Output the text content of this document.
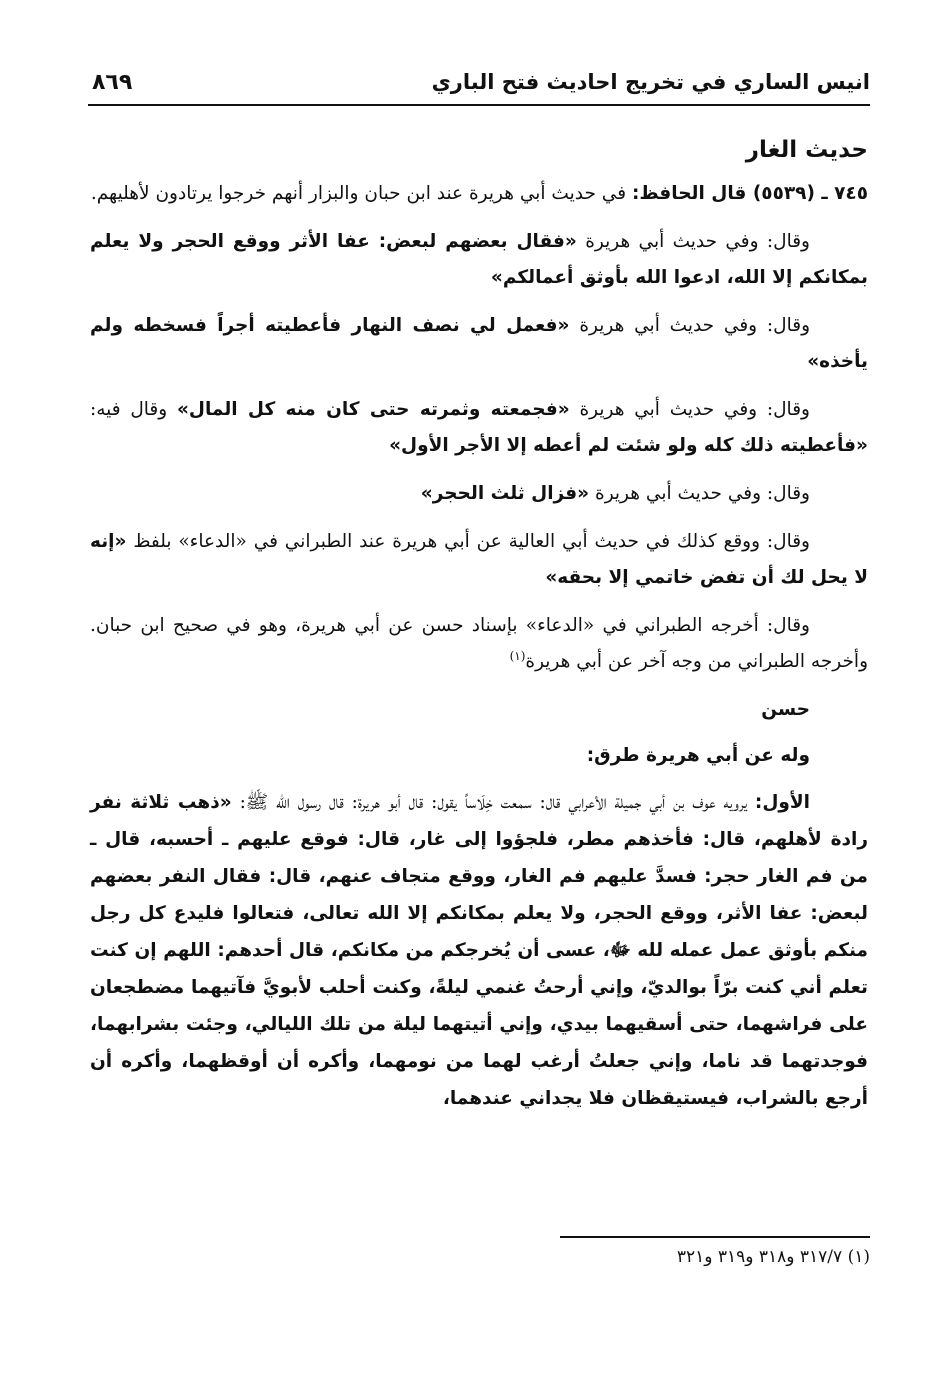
انيس الساري في تخريج احاديث فتح الباري
٨٦٩
حديث الغار

٧٤٥ ـ (٥٥٣٩) قال الحافظ: في حديث أبي هريرة عند ابن حبان والبزار أنهم خرجوا يرتادون لأهليهم.

وقال: وفي حديث أبي هريرة «فقال بعضهم لبعض: عفا الأثر ووقع الحجر ولا يعلم بمكانكم إلا الله، ادعوا الله بأوثق أعمالكم»

وقال: وفي حديث أبي هريرة «فعمل لي نصف النهار فأعطيته أجراً فسخطه ولم يأخذه»

وقال: وفي حديث أبي هريرة «فجمعته وثمرته حتى كان منه كل المال» وقال فيه: «فأعطيته ذلك كله ولو شئت لم أعطه إلا الأجر الأول»

وقال: وفي حديث أبي هريرة «فزال ثلث الحجر»

وقال: ووقع كذلك في حديث أبي العالية عن أبي هريرة عند الطبراني في «الدعاء» بلفظ «إنه لا يحل لك أن تفض خاتمي إلا بحقه»

وقال: أخرجه الطبراني في «الدعاء» بإسناد حسن عن أبي هريرة، وهو في صحيح ابن حبان. وأخرجه الطبراني من وجه آخر عن أبي هريرة$^{(١)}$

حسن
وله عن أبي هريرة طرق:

الأول: يرويه عوف بن أبي جميلة الأعرابي قال: سمعت خِلَاساً يقول: قال أبو هريرة: قال رسول الله ﷺ: «ذهب ثلاثة نفر رادة لأهلهم، قال: فأخذهم مطر، فلجؤوا إلى غار، قال: فوقع عليهم ـ أحسبه، قال ـ من فم الغار حجر: فسدَّ عليهم فم الغار، ووقع متجاف عنهم، قال: فقال النفر بعضهم لبعض: عفا الأثر، ووقع الحجر، ولا يعلم بمكانكم إلا الله تعالى، فتعالوا فليدع كل رجل منكم بأوثق عمل عمله لله ﷻ، عسى أن يُخرجكم من مكانكم، قال أحدهم: اللهم إن كنت تعلم أني كنت برّاً بوالديّ، وإني أرحتُ غنمي ليلةً، وكنت أحلب لأبويَّ فآتيهما مضطجعان على فراشهما، حتى أسقيهما بيدي، وإني أتيتهما ليلة من تلك الليالي، وجئت بشرابهما، فوجدتهما قد ناما، وإني جعلتُ أرغب لهما من نومهما، وأكره أن أوقظهما، وأكره أن أرجع بالشراب، فيستيقظان فلا يجداني عندهما،

(١) ٣١٧/٧ و٣١٨ و٣١٩ و٣٢١
